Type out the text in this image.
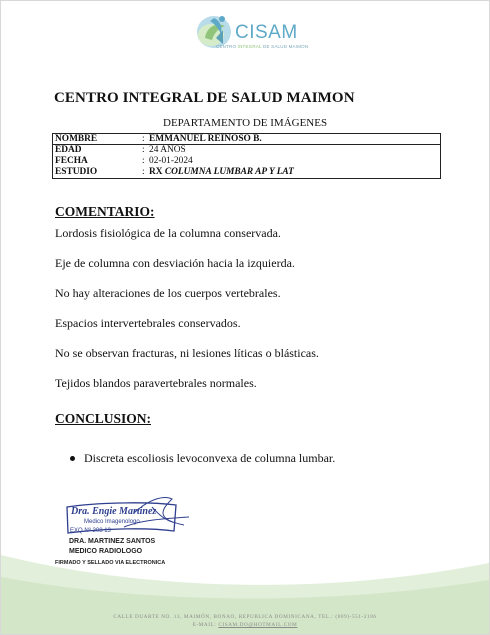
CISAM
CENTRO INTEGRAL DE SALUD MAIMON
CENTRO INTEGRAL DE SALUD MAIMON
DEPARTAMENTO DE IMÁGENES
NOMBRE	: EMMANUEL REINOSO B.
EDAD	: 24 AÑOS
FECHA	: 02-01-2024
ESTUDIO	: RX COLUMNA LUMBAR AP Y LAT
COMENTARIO:
Lordosis fisiológica de la columna conservada.
Eje de columna con desviación hacia la izquierda.
No hay alteraciones de los cuerpos vertebrales.
Espacios intervertebrales conservados.
No se observan fracturas, ni lesiones líticas o blásticas.
Tejidos blandos paravertebrales normales.
CONCLUSION:
Discreta escoliosis levoconvexa de columna lumbar.
Dra. Engie Martinez
Medico Imagenologo
EXQ Nº 208 13
DRA. MARTINEZ SANTOS
MEDICO RADIOLOGO
FIRMADO Y SELLADO VIA ELECTRONICA
CALLE DUARTE NO. 13, MAIMÓN, BONAO, REPUBLICA DOMINICANA, TEL.: (809)-551-2186
E-MAIL: CISAM.DO@HOTMAIL.COM
